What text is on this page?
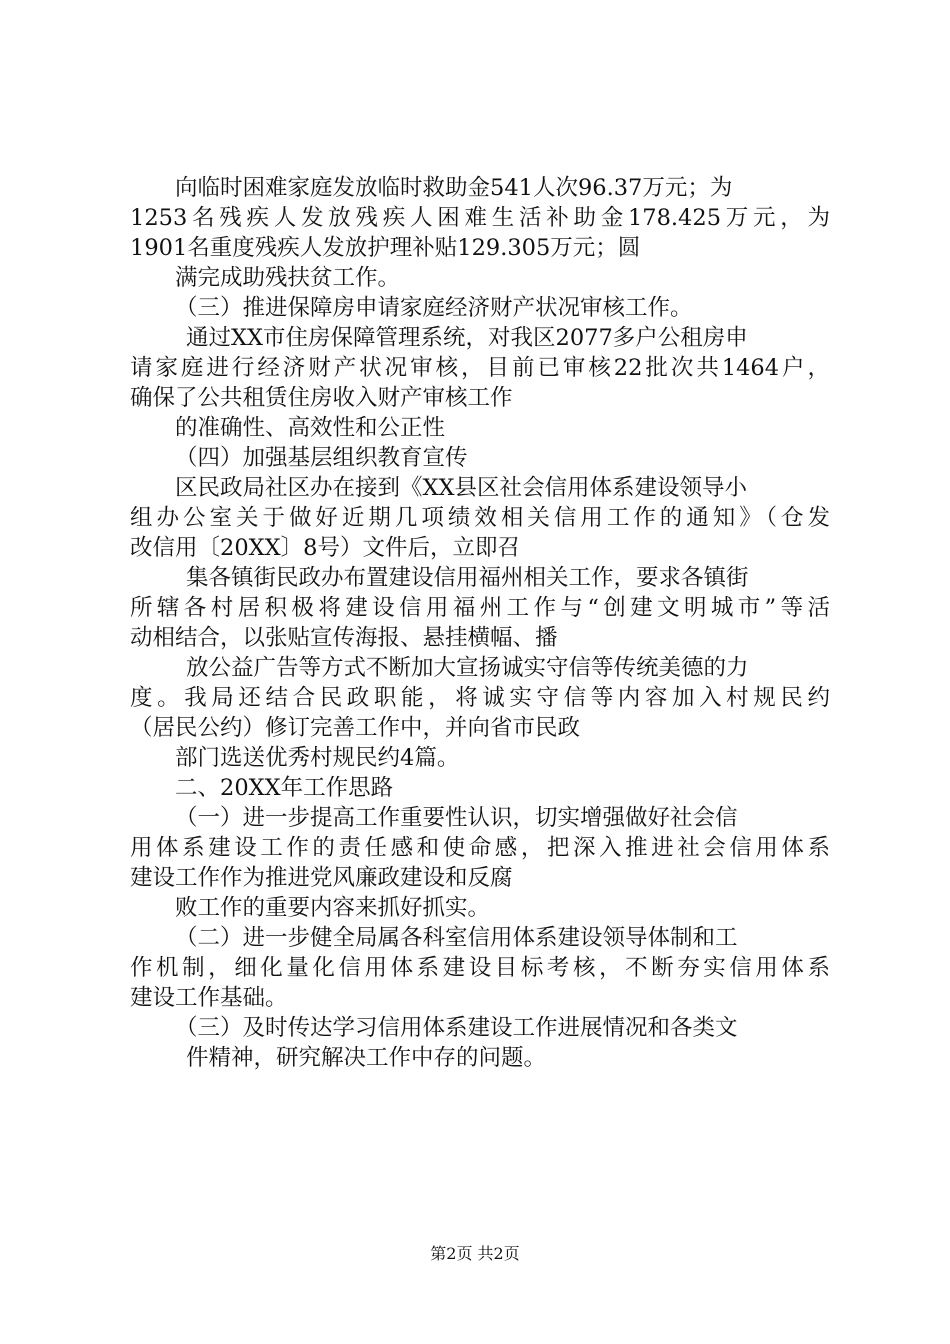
向临时困难家庭发放临时救助金541人次96.37万元；为
1253名残疾人发放残疾人困难生活补助金178.425万元，为
1901名重度残疾人发放护理补贴129.305万元；圆
满完成助残扶贫工作。
（三）推进保障房申请家庭经济财产状况审核工作。
通过XX市住房保障管理系统，对我区2077多户公租房申
请家庭进行经济财产状况审核，目前已审核22批次共1464户，
确保了公共租赁住房收入财产审核工作
的准确性、高效性和公正性
（四）加强基层组织教育宣传
区民政局社区办在接到《XX县区社会信用体系建设领导小
组办公室关于做好近期几项绩效相关信用工作的通知》（仓发
改信用〔20XX〕8号）文件后，立即召
集各镇街民政办布置建设信用福州相关工作，要求各镇街
所辖各村居积极将建设信用福州工作与“创建文明城市”等活
动相结合，以张贴宣传海报、悬挂横幅、播
放公益广告等方式不断加大宣扬诚实守信等传统美德的力
度。我局还结合民政职能，将诚实守信等内容加入村规民约
（居民公约）修订完善工作中，并向省市民政
部门选送优秀村规民约4篇。
二、20XX年工作思路
（一）进一步提高工作重要性认识，切实增强做好社会信
用体系建设工作的责任感和使命感，把深入推进社会信用体系
建设工作作为推进党风廉政建设和反腐
败工作的重要内容来抓好抓实。
（二）进一步健全局属各科室信用体系建设领导体制和工
作机制，细化量化信用体系建设目标考核，不断夯实信用体系
建设工作基础。
（三）及时传达学习信用体系建设工作进展情况和各类文
件精神，研究解决工作中存的问题。
第2页 共2页
